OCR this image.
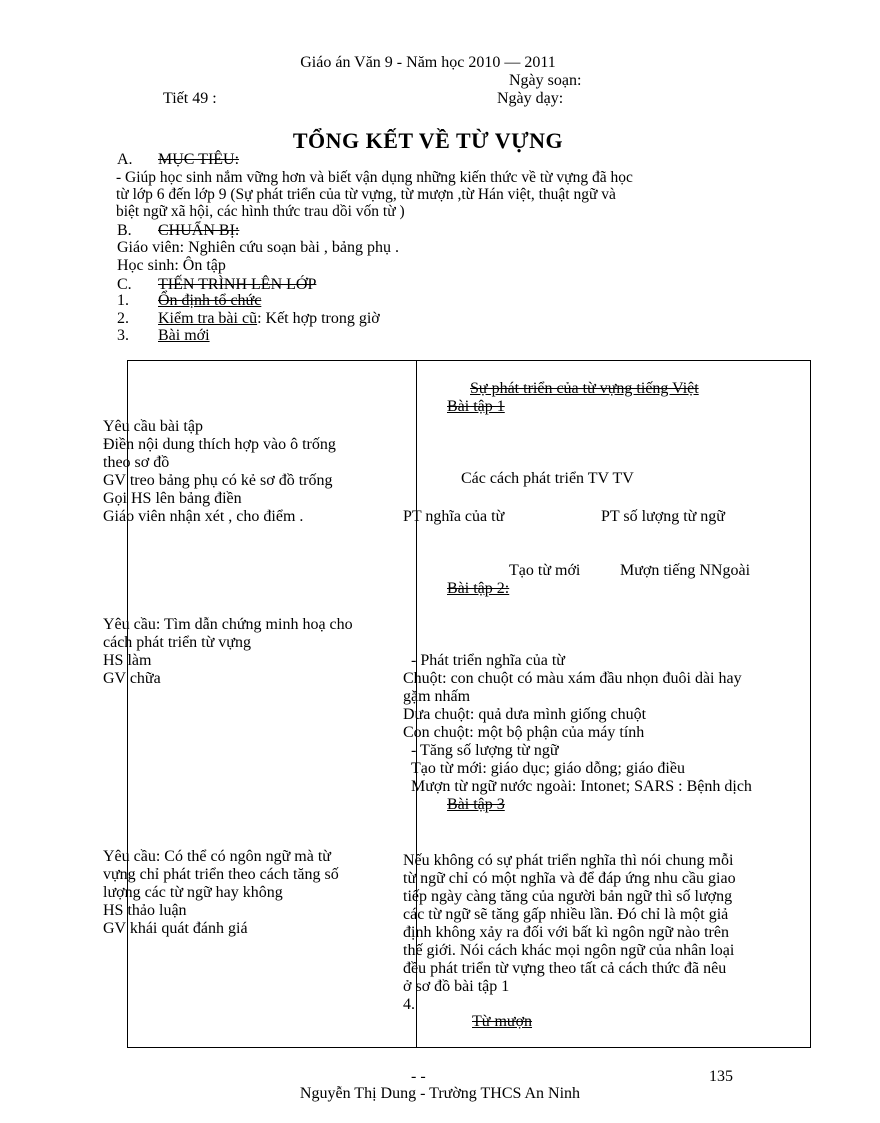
Giáo án Văn 9 - Năm học 2010 — 2011
Ngày soạn:
Tiết 49 :	Ngày dạy:
TỔNG KẾT VỀ TỪ VỰNG
A. MỤC TIÊU:
- Giúp học sinh nắm vững hơn và biết vận dụng những kiến thức về từ vựng đã học
từ lớp 6 đến lớp 9 (Sự phát triển của từ vựng, từ mượn ,từ Hán việt, thuật ngữ và
biệt ngữ xã hội, các hình thức trau dồi vốn từ )
B. CHUẨN BỊ:
Giáo viên: Nghiên cứu soạn bài , bảng phụ .
Học sinh: Ôn tập
C. TIẾN TRÌNH LÊN LỚP
1. Ổn định tổ chức
2. Kiểm tra bài cũ: Kết hợp trong giờ
3. Bài mới
Yêu cầu bài tập
Điền nội dung thích hợp vào ô trống
theo sơ đồ
GV treo bảng phụ có kẻ sơ đồ trống
Gọi HS lên bảng điền
Giáo viên nhận xét , cho điểm .
Yêu cầu: Tìm dẫn chứng minh hoạ cho
cách phát triển từ vựng
HS làm
GV chữa
Yêu cầu: Có thể có ngôn ngữ mà từ
vựng chỉ phát triển theo cách tăng số
lượng các từ ngữ hay không
HS thảo luận
GV khái quát đánh giá
Sự phát triển của từ vựng tiếng Việt
Bài tập 1
Các cách phát triển TV TV
PT nghĩa của từ	PT số lượng từ ngữ
Tạo từ mới Mượn tiếng NNgoài
Bài tập 2:
- Phát triển nghĩa của từ
Chuột: con chuột có màu xám đầu nhọn đuôi dài hay
gặm nhấm
Dưa chuột: quả dưa mình giống chuột
Con chuột: một bộ phận của máy tính
- Tăng số lượng từ ngữ
Tạo từ mới: giáo dục; giáo dỗng; giáo điều
Mượn từ ngữ nước ngoài: Intonet; SARS : Bệnh dịch
Bài tập 3
Nếu không có sự phát triển nghĩa thì nói chung mỗi
từ ngữ chỉ có một nghĩa và để đáp ứng nhu cầu giao
tiếp ngày càng tăng của người bản ngữ thì số lượng
các từ ngữ sẽ tăng gấp nhiều lần. Đó chỉ là một giả
định không xảy ra đối với bất kì ngôn ngữ nào trên
thế giới. Nói cách khác mọi ngôn ngữ của nhân loại
đều phát triển từ vựng theo tất cả cách thức đã nêu
ở sơ đồ bài tập 1
4.
Từ mượn
- -	135
Nguyễn Thị Dung - Trường THCS An Ninh
